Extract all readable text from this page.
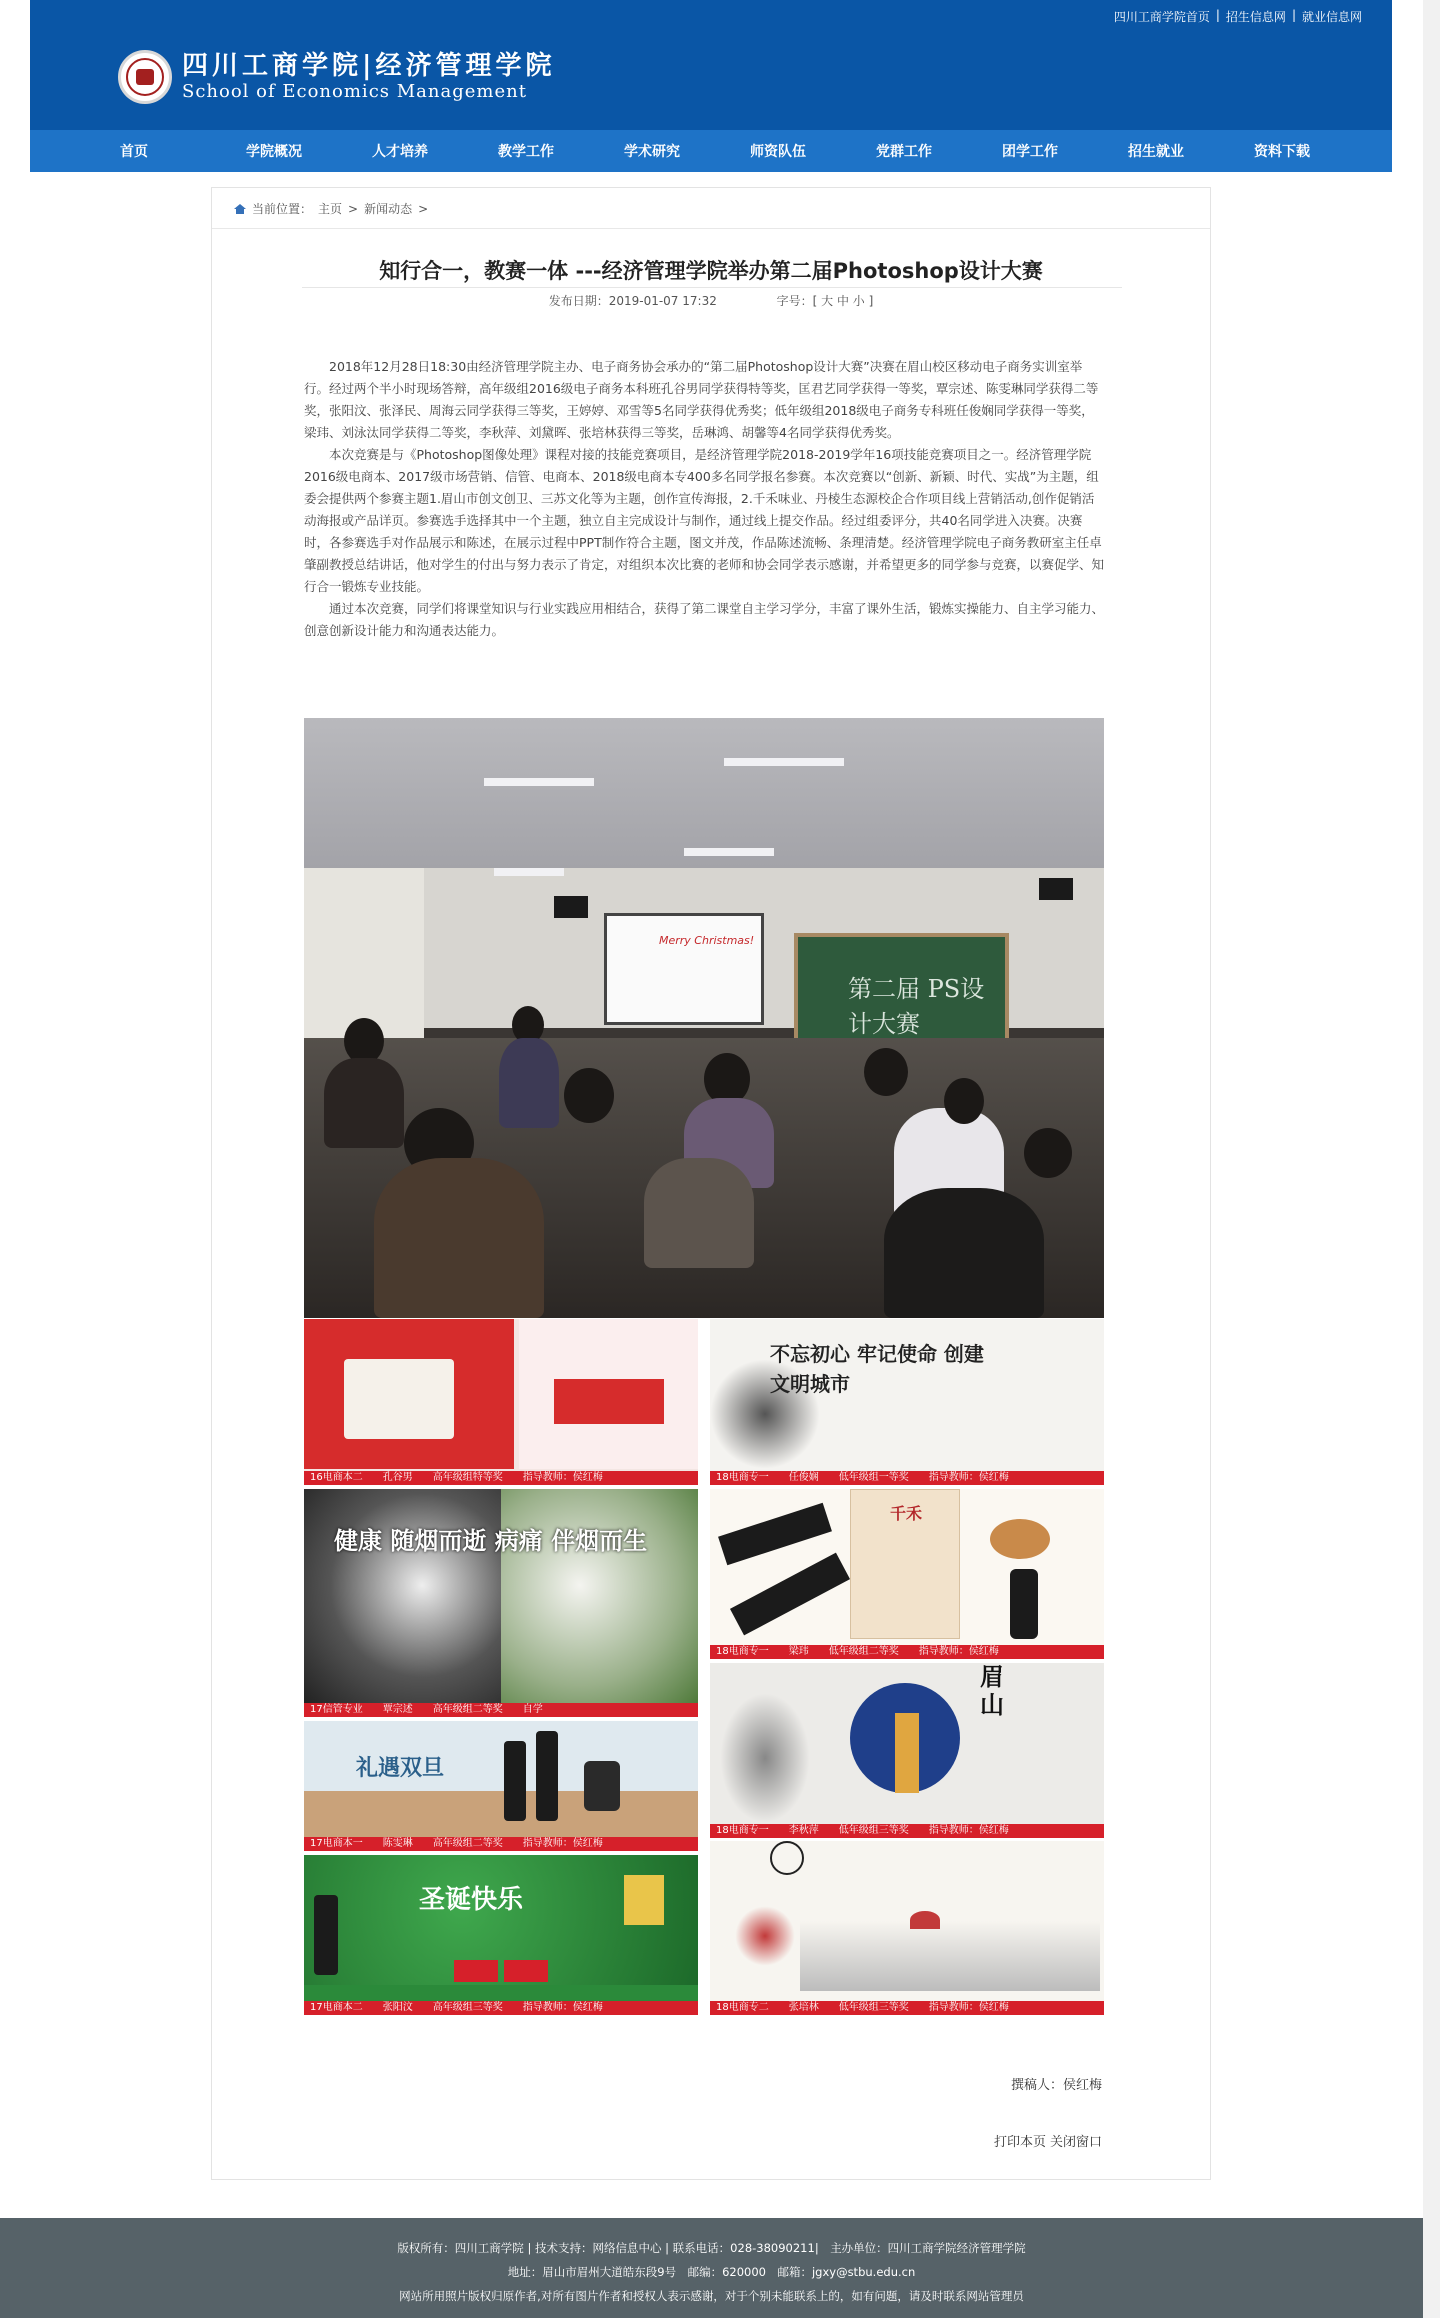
四川工商学院首页 | 招生信息网 | 就业信息网
四川工商学院|经济管理学院
School of Economics Management
首页	学院概况	人才培养	教学工作	学术研究	师资队伍	党群工作	团学工作	招生就业	资料下载
当前位置： 主页 > 新闻动态 >
知行合一，教赛一体 ---经济管理学院举办第二届Photoshop设计大赛
发布日期：2019-01-07 17:32	字号：[ 大 中 小 ]

2018年12月28日18:30由经济管理学院主办、电子商务协会承办的“第二届Photoshop设计大赛”决赛在眉山校区移动电子商务实训室举行。经过两个半小时现场答辩，高年级组2016级电子商务本科班孔谷男同学获得特等奖，匡君艺同学获得一等奖，覃宗述、陈雯琳同学获得二等奖，张阳汶、张泽民、周海云同学获得三等奖，王婷婷、邓雪等5名同学获得优秀奖；低年级组2018级电子商务专科班任俊娴同学获得一等奖，梁玮、刘泳汰同学获得二等奖，李秋萍、刘黛晖、张培林获得三等奖，岳琳鸿、胡馨等4名同学获得优秀奖。

本次竞赛是与《Photoshop图像处理》课程对接的技能竞赛项目，是经济管理学院2018-2019学年16项技能竞赛项目之一。经济管理学院2016级电商本、2017级市场营销、信管、电商本、2018级电商本专400多名同学报名参赛。本次竞赛以“创新、新颖、时代、实战”为主题，组委会提供两个参赛主题1.眉山市创文创卫、三苏文化等为主题，创作宣传海报，2.千禾味业、丹棱生态源校企合作项目线上营销活动,创作促销活动海报或产品详页。参赛选手选择其中一个主题，独立自主完成设计与制作，通过线上提交作品。经过组委评分，共40名同学进入决赛。决赛时，各参赛选手对作品展示和陈述，在展示过程中PPT制作符合主题，图文并茂，作品陈述流畅、条理清楚。经济管理学院电子商务教研室主任卓肇副教授总结讲话，他对学生的付出与努力表示了肯定，对组织本次比赛的老师和协会同学表示感谢，并希望更多的同学参与竞赛，以赛促学、知行合一锻炼专业技能。

通过本次竞赛，同学们将课堂知识与行业实践应用相结合，获得了第二课堂自主学习学分，丰富了课外生活，锻炼实操能力、自主学习能力、创意创新设计能力和沟通表达能力。

Merry Christmas!
第二届 PS设计大赛
16电商本二　　孔谷男　　高年级组特等奖　　指导教师：侯红梅
不忘初心 牢记使命 创建文明城市
18电商专一　　任俊娴　　低年级组一等奖　　指导教师：侯红梅
健康 随烟而逝 病痛 伴烟而生
17信管专业　　覃宗述　　高年级组二等奖　　自学
千禾
18电商专一　　梁玮　　低年级组二等奖　　指导教师：侯红梅
礼遇双旦
17电商本一　　陈雯琳　　高年级组二等奖　　指导教师：侯红梅
眉山
18电商专一　　李秋萍　　低年级组三等奖　　指导教师：侯红梅
圣诞快乐
17电商本二　　张阳汶　　高年级组三等奖　　指导教师：侯红梅	18电商专二　　张培林　　低年级组三等奖　　指导教师：侯红梅
撰稿人：侯红梅
打印本页 关闭窗口
版权所有：四川工商学院 | 技术支持：网络信息中心 | 联系电话：028-38090211|　主办单位：四川工商学院经济管理学院
地址：眉山市眉州大道皓东段9号　邮编：620000　邮箱：jgxy@stbu.edu.cn
网站所用照片版权归原作者,对所有图片作者和授权人表示感谢，对于个别未能联系上的，如有问题，请及时联系网站管理员
